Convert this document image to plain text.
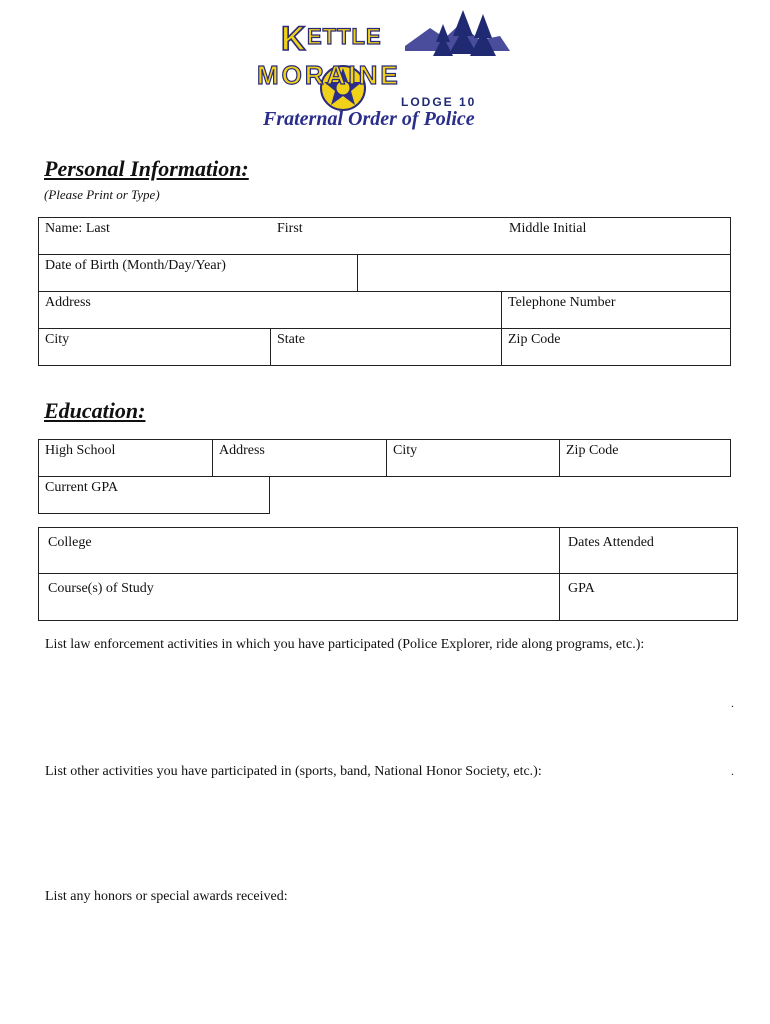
K ETTLE
MORAINE
LODGE 10
Fraternal Order of Police
Personal Information:
(Please Print or Type)
Name: Last	First	Middle Initial
Date of Birth (Month/Day/Year)
Address	Telephone Number
City	State	Zip Code
Education:
High School	Address	City	Zip Code
Current GPA
College	Dates Attended
Course(s) of Study	GPA
List law enforcement activities in which you have participated (Police Explorer, ride along programs, etc.):
.
List other activities you have participated in (sports, band, National Honor Society, etc.):	.
List any honors or special awards received:
